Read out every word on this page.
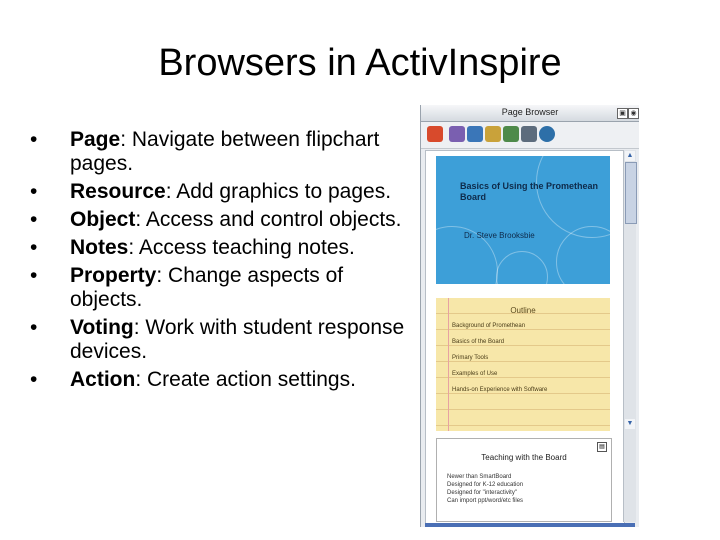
Browsers in ActivInspire
• Page: Navigate between flipchart pages.
• Resource: Add graphics to pages.
• Object: Access and control objects.
• Notes: Access teaching notes.
• Property: Change aspects of objects.
• Voting: Work with student response devices.
• Action: Create action settings.
Page Browser	▣ ◉
Basics of Using the Promethean Board
Dr. Steve Brooksbie
Outline
Background of Promethean
Basics of the Board
Primary Tools
Examples of Use
Hands-on Experience with Software
▤
Teaching with the Board
Newer than SmartBoard
Designed for K-12 education
Designed for "interactivity"
Can import ppt/word/etc files
▲
▼
